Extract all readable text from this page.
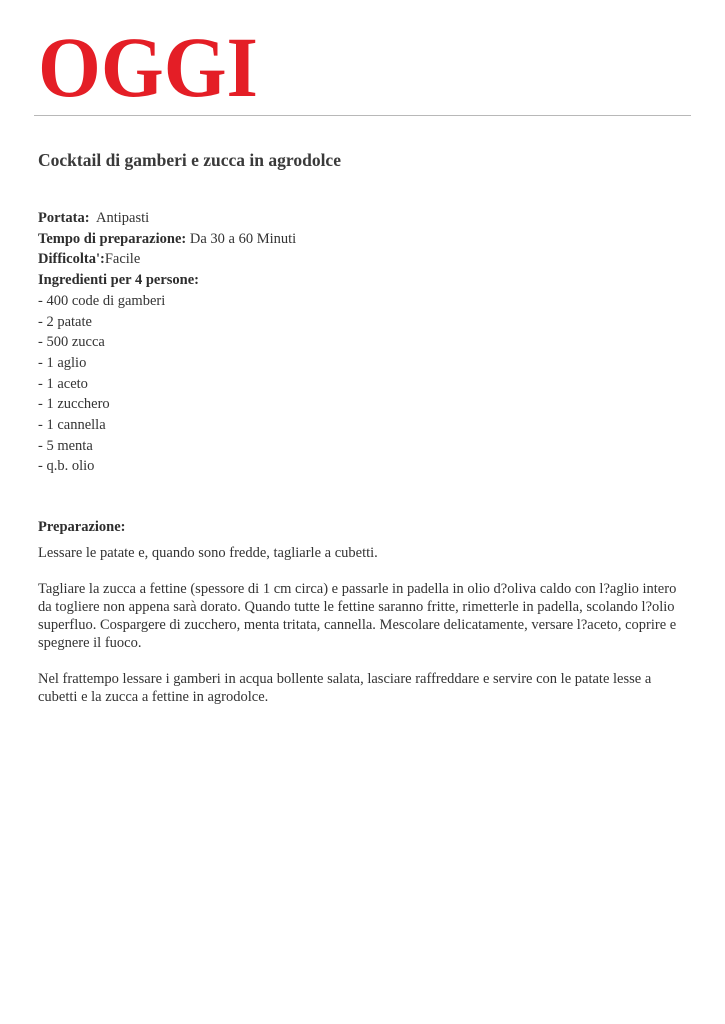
OGGI
Cocktail di gamberi e zucca in agrodolce
Portata: Antipasti
Tempo di preparazione: Da 30 a 60 Minuti
Difficolta':Facile
Ingredienti per 4 persone:
- 400 code di gamberi
- 2 patate
- 500 zucca
- 1 aglio
- 1 aceto
- 1 zucchero
- 1 cannella
- 5 menta
- q.b. olio
Preparazione:

Lessare le patate e, quando sono fredde, tagliarle a cubetti.

Tagliare la zucca a fettine (spessore di 1 cm circa) e passarle in padella in olio d?oliva caldo con l?aglio intero da togliere non appena sarà dorato. Quando tutte le fettine saranno fritte, rimetterle in padella, scolando l?olio superfluo. Cospargere di zucchero, menta tritata, cannella. Mescolare delicatamente, versare l?aceto, coprire e spegnere il fuoco.

Nel frattempo lessare i gamberi in acqua bollente salata, lasciare raffreddare e servire con le patate lesse a cubetti e la zucca a fettine in agrodolce.
